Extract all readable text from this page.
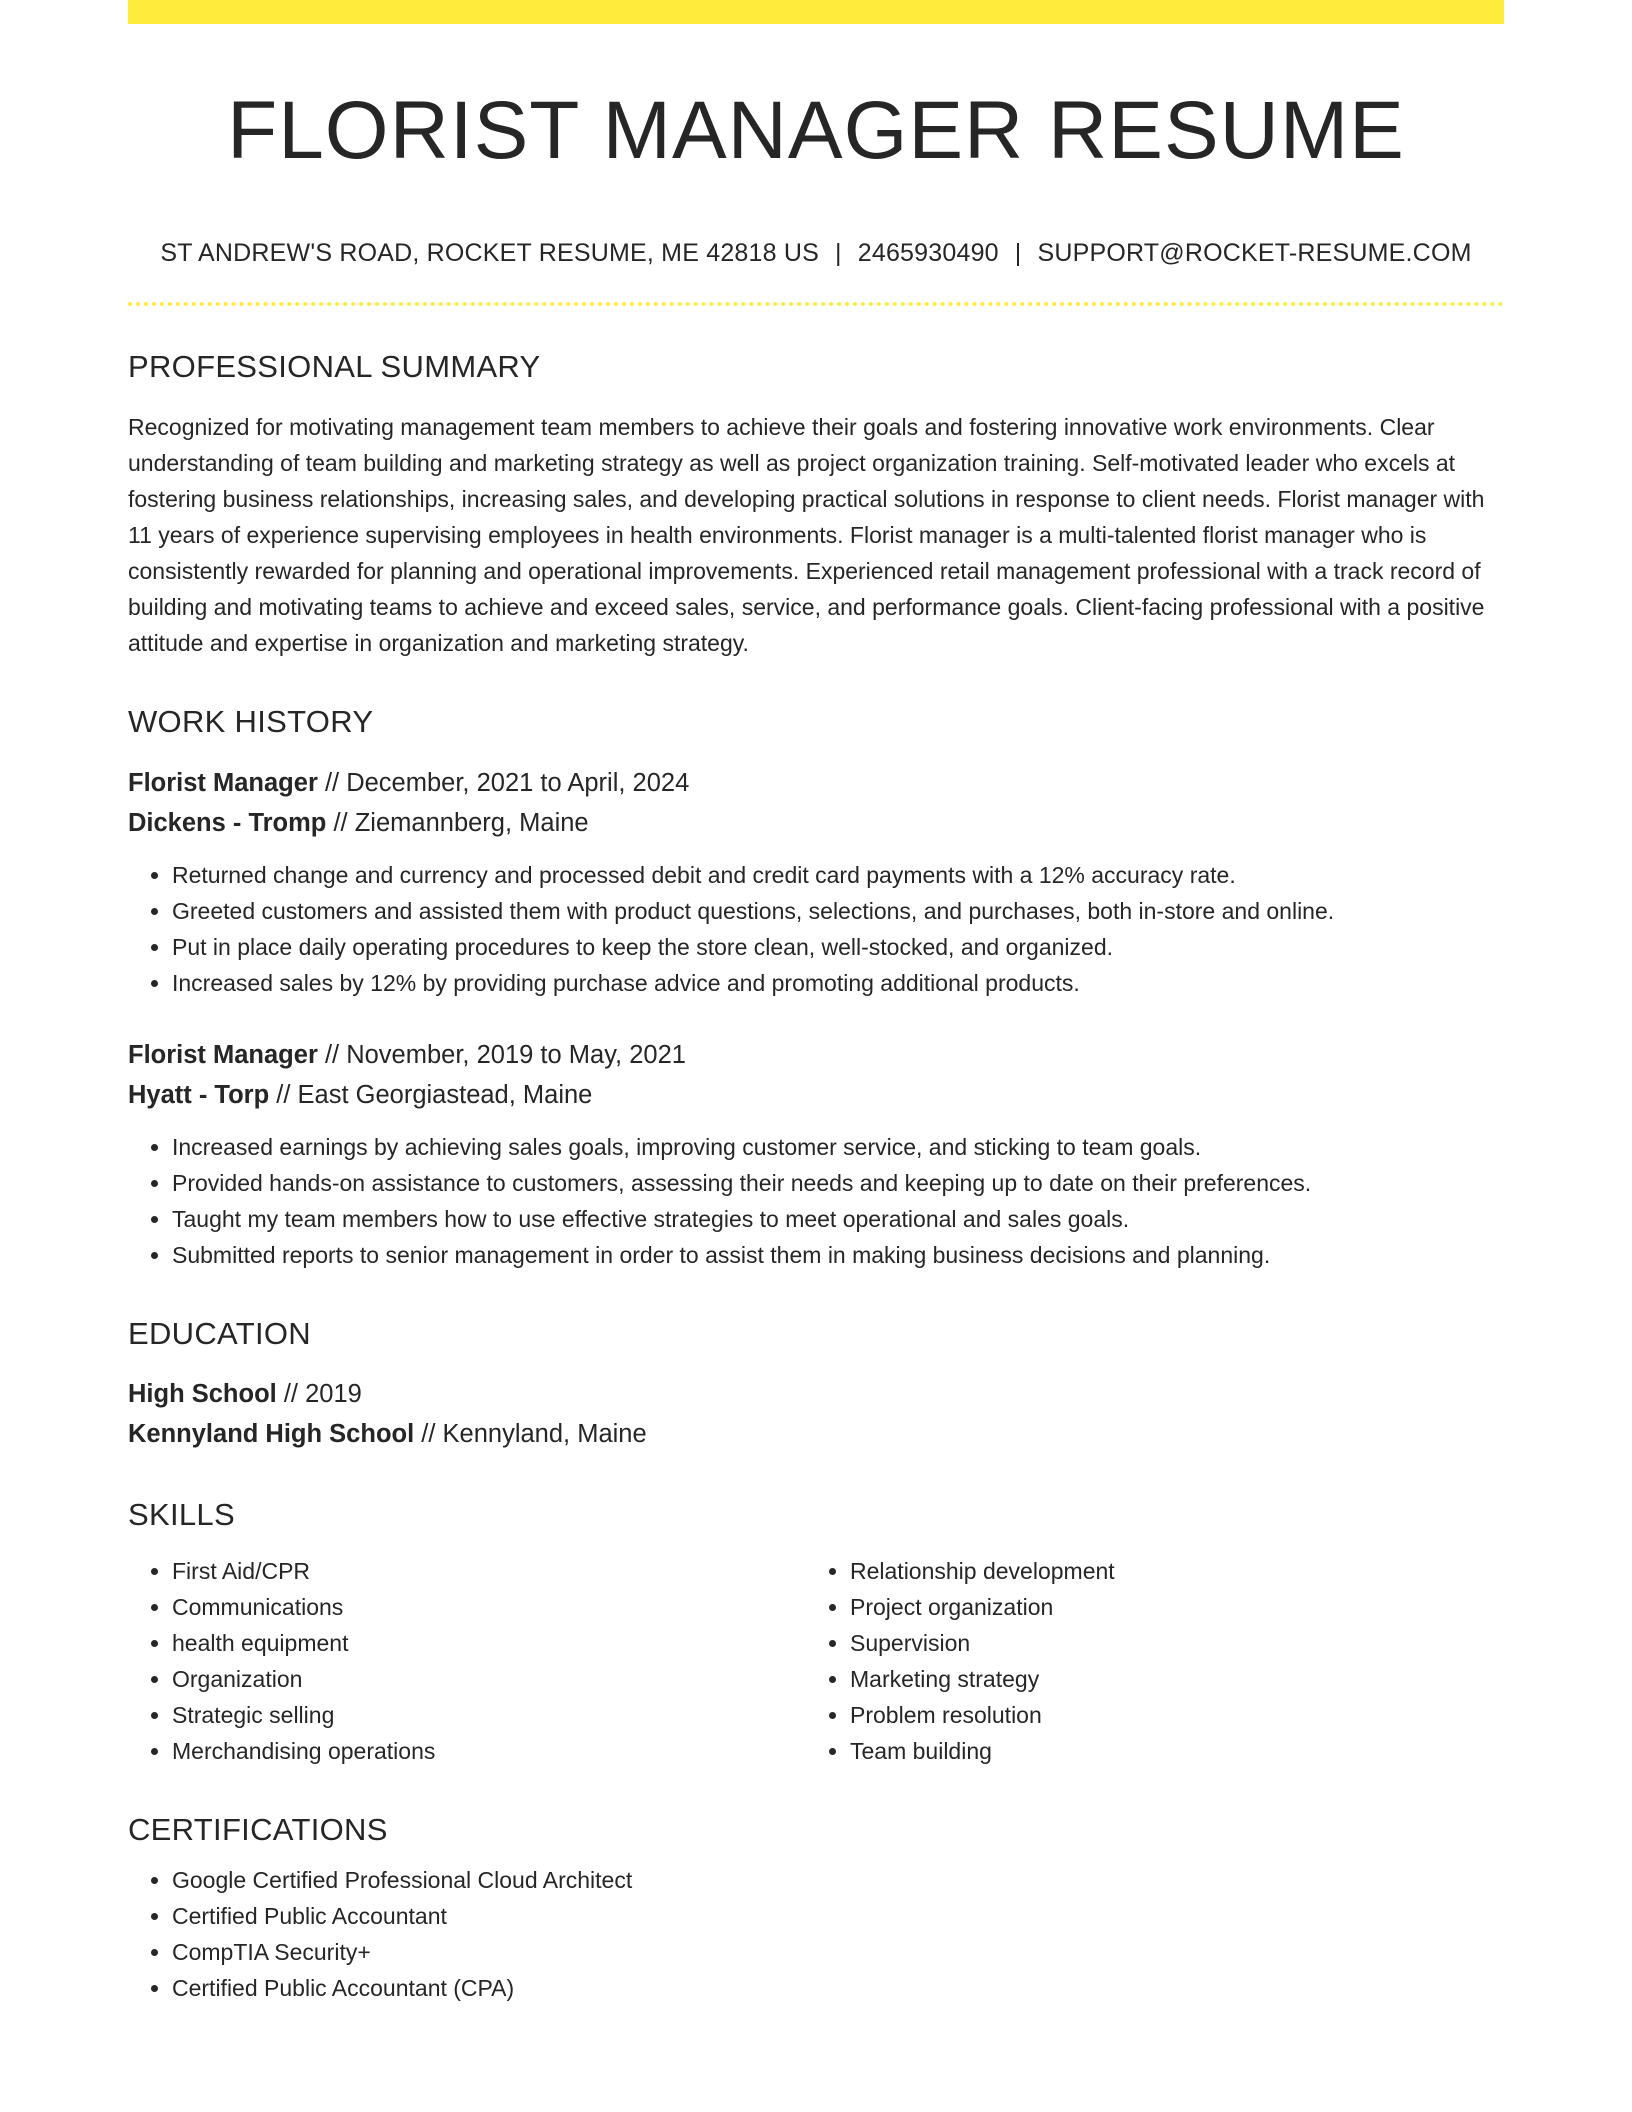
FLORIST MANAGER RESUME
ST ANDREW'S ROAD, ROCKET RESUME, ME 42818 US | 2465930490 | SUPPORT@ROCKET-RESUME.COM
PROFESSIONAL SUMMARY
Recognized for motivating management team members to achieve their goals and fostering innovative work environments. Clear understanding of team building and marketing strategy as well as project organization training. Self-motivated leader who excels at fostering business relationships, increasing sales, and developing practical solutions in response to client needs. Florist manager with 11 years of experience supervising employees in health environments. Florist manager is a multi-talented florist manager who is consistently rewarded for planning and operational improvements. Experienced retail management professional with a track record of building and motivating teams to achieve and exceed sales, service, and performance goals. Client-facing professional with a positive attitude and expertise in organization and marketing strategy.
WORK HISTORY
Florist Manager // December, 2021 to April, 2024
Dickens - Tromp // Ziemannberg, Maine
• Returned change and currency and processed debit and credit card payments with a 12% accuracy rate.
• Greeted customers and assisted them with product questions, selections, and purchases, both in-store and online.
• Put in place daily operating procedures to keep the store clean, well-stocked, and organized.
• Increased sales by 12% by providing purchase advice and promoting additional products.
Florist Manager // November, 2019 to May, 2021
Hyatt - Torp // East Georgiastead, Maine
• Increased earnings by achieving sales goals, improving customer service, and sticking to team goals.
• Provided hands-on assistance to customers, assessing their needs and keeping up to date on their preferences.
• Taught my team members how to use effective strategies to meet operational and sales goals.
• Submitted reports to senior management in order to assist them in making business decisions and planning.
EDUCATION
High School // 2019
Kennyland High School // Kennyland, Maine
SKILLS
• First Aid/CPR
• Communications
• health equipment
• Organization
• Strategic selling
• Merchandising operations
• Relationship development
• Project organization
• Supervision
• Marketing strategy
• Problem resolution
• Team building
CERTIFICATIONS
• Google Certified Professional Cloud Architect
• Certified Public Accountant
• CompTIA Security+
• Certified Public Accountant (CPA)
